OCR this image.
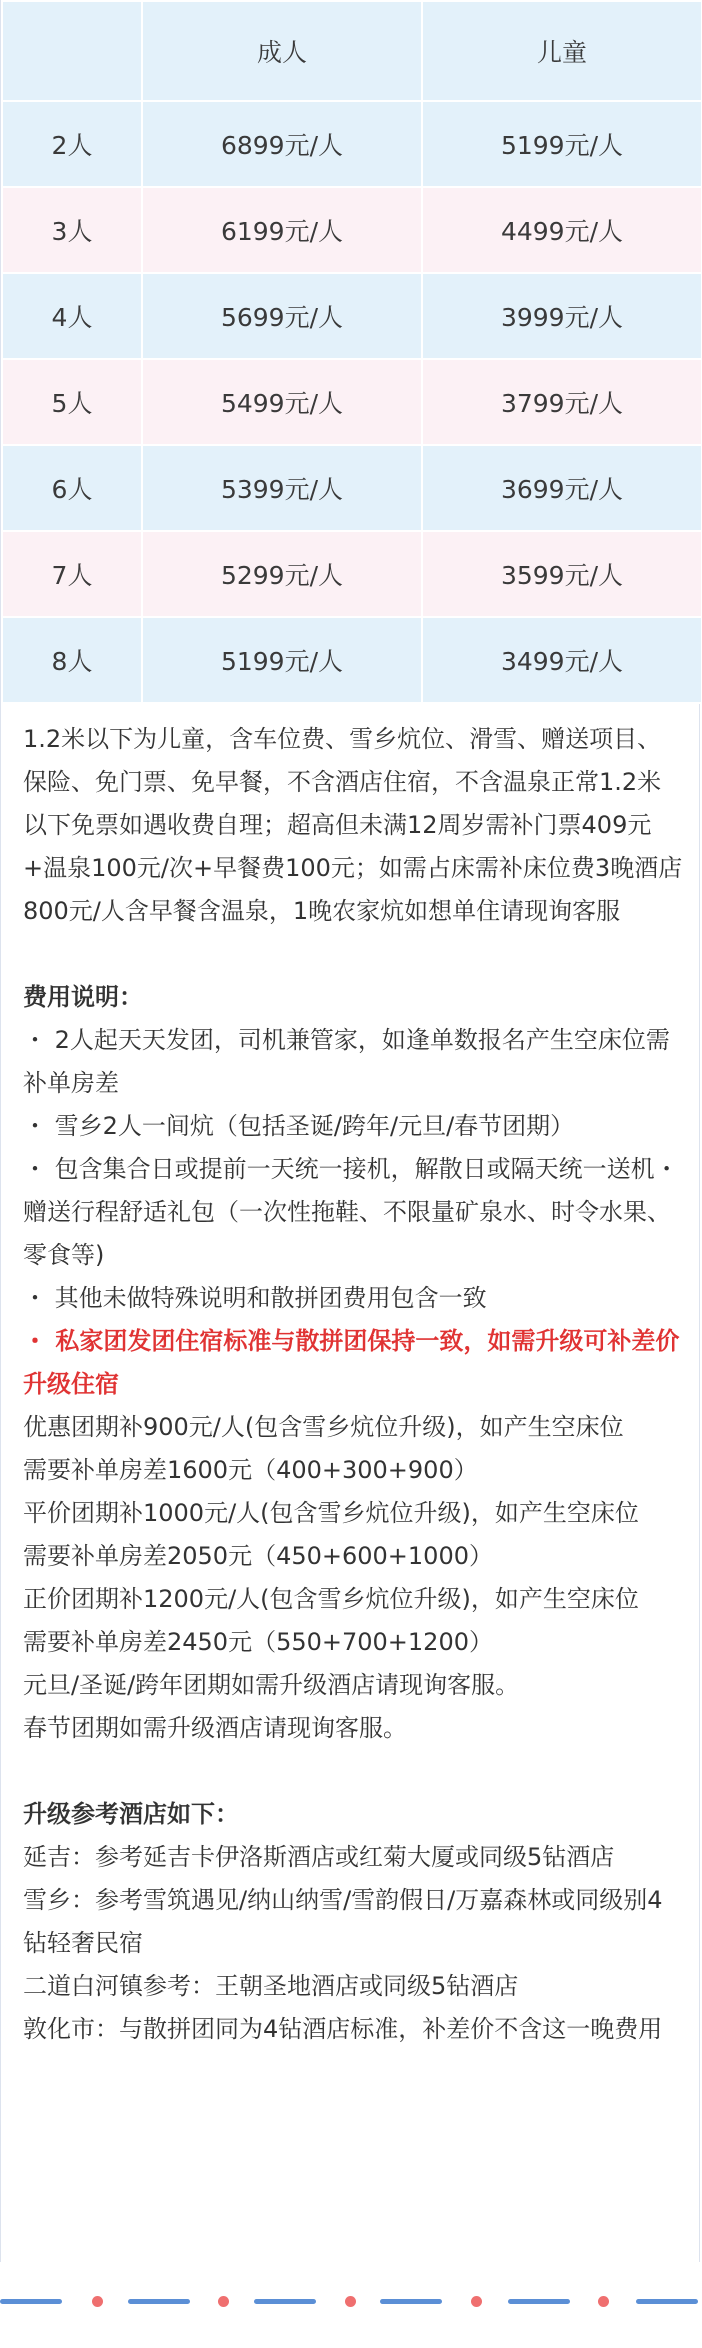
	成人	儿童
2人	6899元/人	5199元/人
3人	6199元/人	4499元/人
4人	5699元/人	3999元/人
5人	5499元/人	3799元/人
6人	5399元/人	3699元/人
7人	5299元/人	3599元/人
8人	5199元/人	3499元/人

1.2米以下为儿童，含车位费、雪乡炕位、滑雪、赠送项目、保险、免门票、免早餐，不含酒店住宿，不含温泉正常1.2米以下免票如遇收费自理；超高但未满12周岁需补门票409元+温泉100元/次+早餐费100元；如需占床需补床位费3晚酒店800元/人含早餐含温泉，1晚农家炕如想单住请现询客服

费用说明：

・ 2人起天天发团，司机兼管家，如逢单数报名产生空床位需补单房差

・ 雪乡2人一间炕（包括圣诞/跨年/元旦/春节团期）

・ 包含集合日或提前一天统一接机，解散日或隔天统一送机・ 赠送行程舒适礼包（一次性拖鞋、不限量矿泉水、时令水果、零食等)

・ 其他未做特殊说明和散拼团费用包含一致

・ 私家团发团住宿标准与散拼团保持一致，如需升级可补差价升级住宿

优惠团期补900元/人(包含雪乡炕位升级)，如产生空床位

需要补单房差1600元（400+300+900）

平价团期补1000元/人(包含雪乡炕位升级)，如产生空床位

需要补单房差2050元（450+600+1000）

正价团期补1200元/人(包含雪乡炕位升级)，如产生空床位

需要补单房差2450元（550+700+1200）

元旦/圣诞/跨年团期如需升级酒店请现询客服。

春节团期如需升级酒店请现询客服。

升级参考酒店如下：

延吉：参考延吉卡伊洛斯酒店或红菊大厦或同级5钻酒店

雪乡：参考雪筑遇见/纳山纳雪/雪韵假日/万嘉森林或同级别4钻轻奢民宿

二道白河镇参考：王朝圣地酒店或同级5钻酒店

敦化市：与散拼团同为4钻酒店标准，补差价不含这一晚费用
